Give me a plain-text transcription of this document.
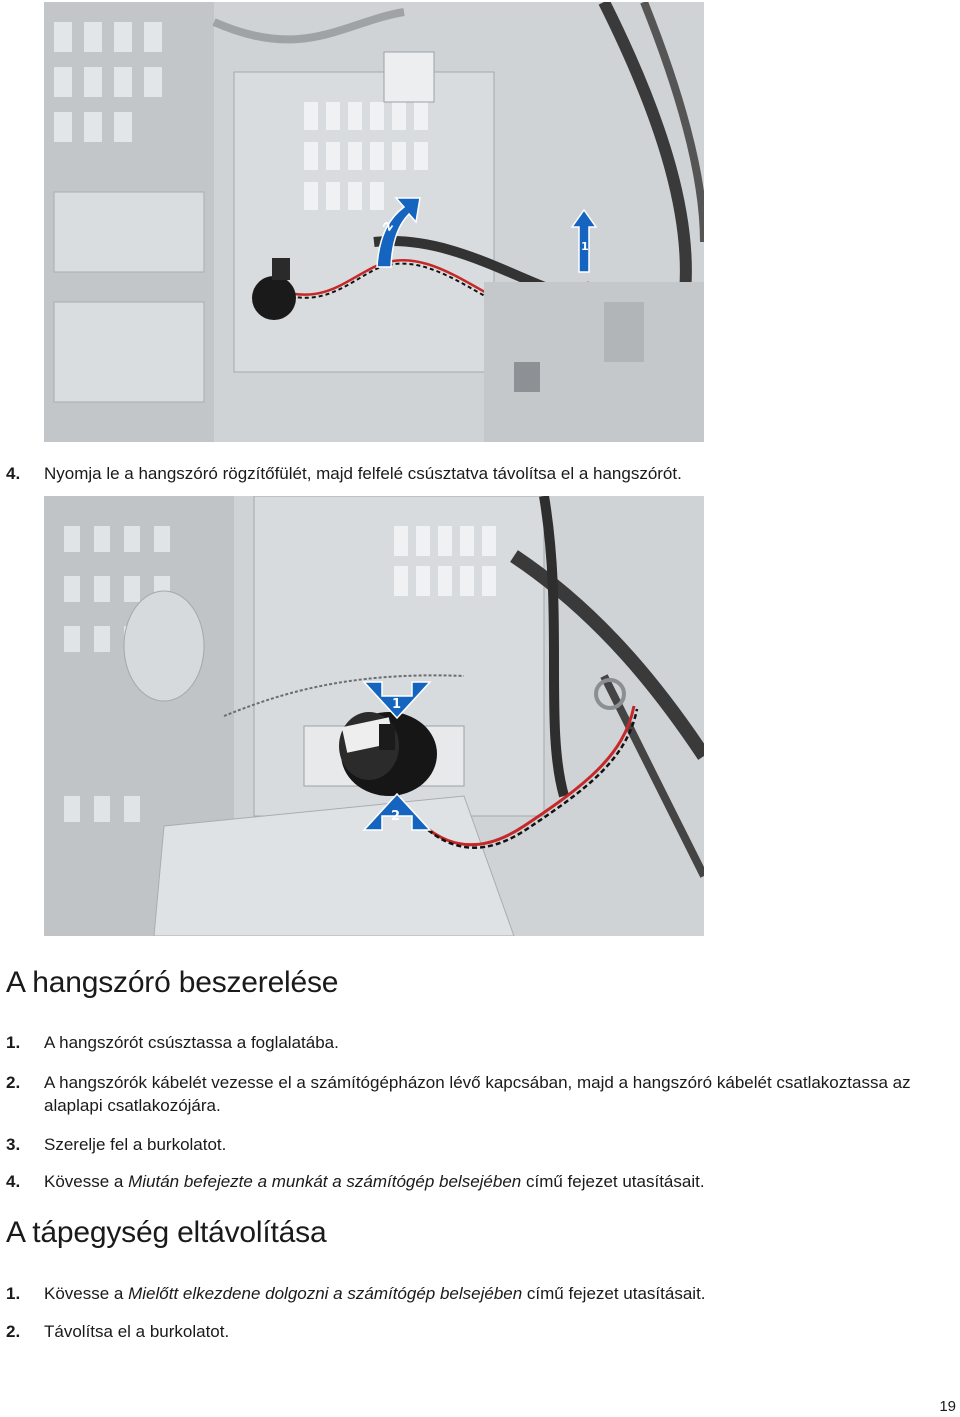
2
1
4. Nyomja le a hangszóró rögzítőfülét, majd felfelé csúsztatva távolítsa el a hangszórót.
1
2
A hangszóró beszerelése
1. A hangszórót csúsztassa a foglalatába.
2. A hangszórók kábelét vezesse el a számítógépházon lévő kapcsában, majd a hangszóró kábelét csatlakoztassa az alaplapi csatlakozójára.
3. Szerelje fel a burkolatot.
4. Kövesse a Miután befejezte a munkát a számítógép belsejében című fejezet utasításait.
A tápegység eltávolítása
1. Kövesse a Mielőtt elkezdene dolgozni a számítógép belsejében című fejezet utasításait.
2. Távolítsa el a burkolatot.
19
